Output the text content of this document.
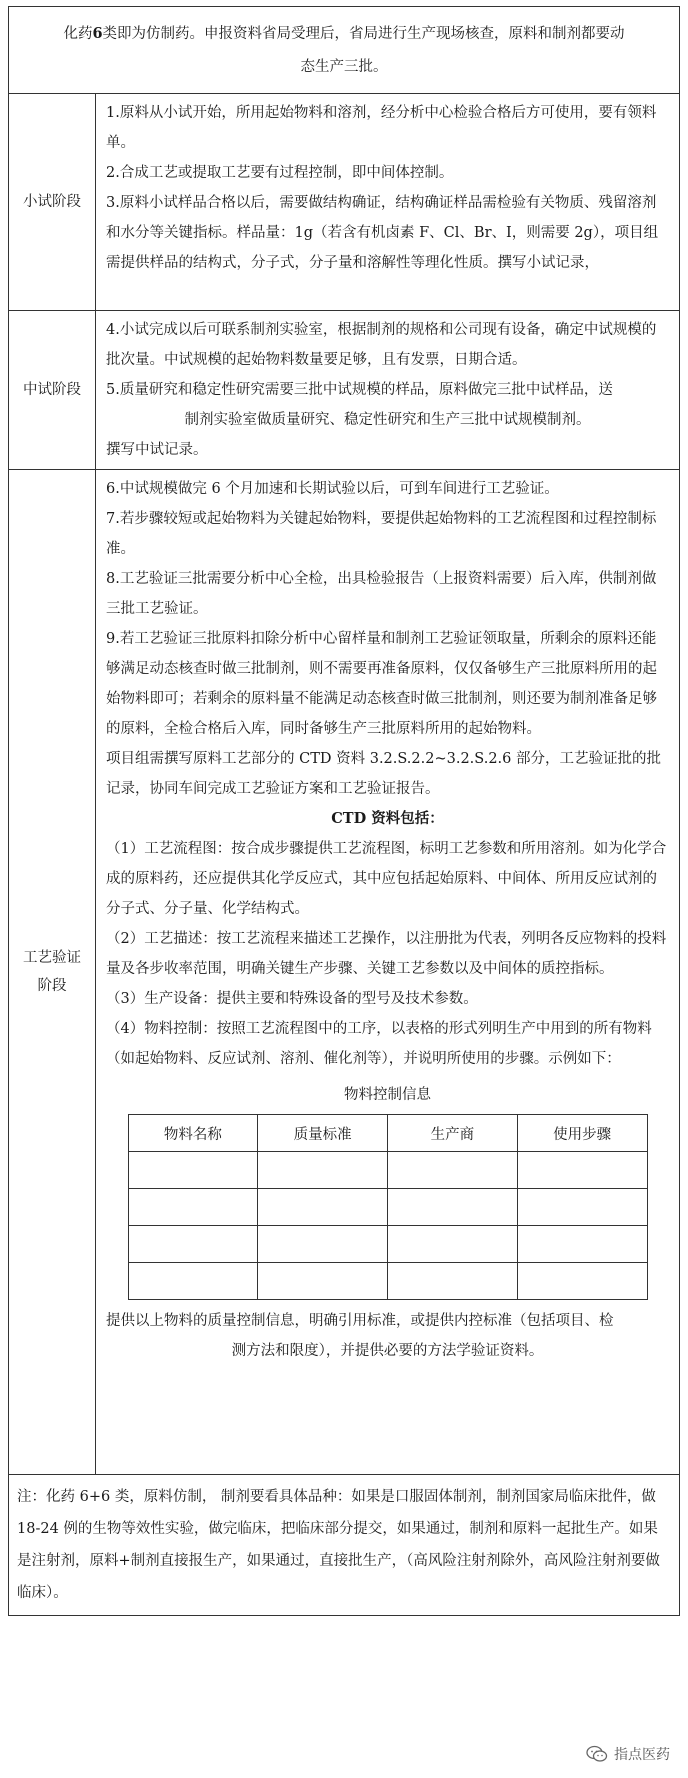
化药6类即为仿制药。申报资料省局受理后，省局进行生产现场核查，原料和制剂都要动
态生产三批。
小试阶段

1.原料从小试开始，所用起始物料和溶剂，经分析中心检验合格后方可使用，要有领料单。

2.合成工艺或提取工艺要有过程控制，即中间体控制。

3.原料小试样品合格以后，需要做结构确证，结构确证样品需检验有关物质、残留溶剂和水分等关键指标。样品量：1g（若含有机卤素 F、Cl、Br、I，则需要 2g），项目组需提供样品的结构式，分子式，分子量和溶解性等理化性质。撰写小试记录，

中试阶段

4.小试完成以后可联系制剂实验室，根据制剂的规格和公司现有设备，确定中试规模的批次量。中试规模的起始物料数量要足够，且有发票，日期合适。

5.质量研究和稳定性研究需要三批中试规模的样品，原料做完三批中试样品，送

制剂实验室做质量研究、稳定性研究和生产三批中试规模制剂。

撰写中试记录。

工艺验证
阶段

6.中试规模做完 6 个月加速和长期试验以后，可到车间进行工艺验证。

7.若步骤较短或起始物料为关键起始物料，要提供起始物料的工艺流程图和过程控制标准。

8.工艺验证三批需要分析中心全检，出具检验报告（上报资料需要）后入库，供制剂做三批工艺验证。

9.若工艺验证三批原料扣除分析中心留样量和制剂工艺验证领取量，所剩余的原料还能够满足动态核查时做三批制剂，则不需要再准备原料，仅仅备够生产三批原料所用的起始物料即可；若剩余的原料量不能满足动态核查时做三批制剂，则还要为制剂准备足够的原料，全检合格后入库，同时备够生产三批原料所用的起始物料。

项目组需撰写原料工艺部分的 CTD 资料 3.2.S.2.2~3.2.S.2.6 部分，工艺验证批的批记录，协同车间完成工艺验证方案和工艺验证报告。

CTD 资料包括：

（1）工艺流程图：按合成步骤提供工艺流程图，标明工艺参数和所用溶剂。如为化学合成的原料药，还应提供其化学反应式，其中应包括起始原料、中间体、所用反应试剂的分子式、分子量、化学结构式。

（2）工艺描述：按工艺流程来描述工艺操作，以注册批为代表，列明各反应物料的投料量及各步收率范围，明确关键生产步骤、关键工艺参数以及中间体的质控指标。

（3）生产设备：提供主要和特殊设备的型号及技术参数。

（4）物料控制：按照工艺流程图中的工序，以表格的形式列明生产中用到的所有物料（如起始物料、反应试剂、溶剂、催化剂等），并说明所使用的步骤。示例如下：

物料控制信息
物料名称	质量标准	生产商	使用步骤

提供以上物料的质量控制信息，明确引用标准，或提供内控标准（包括项目、检

测方法和限度），并提供必要的方法学验证资料。

注：化药 6+6 类，原料仿制， 制剂要看具体品种：如果是口服固体制剂，制剂国家局临床批件，做 18-24 例的生物等效性实验，做完临床，把临床部分提交，如果通过，制剂和原料一起批生产。如果是注射剂，原料+制剂直接报生产，如果通过，直接批生产，（高风险注射剂除外，高风险注射剂要做临床）。
指点医药
